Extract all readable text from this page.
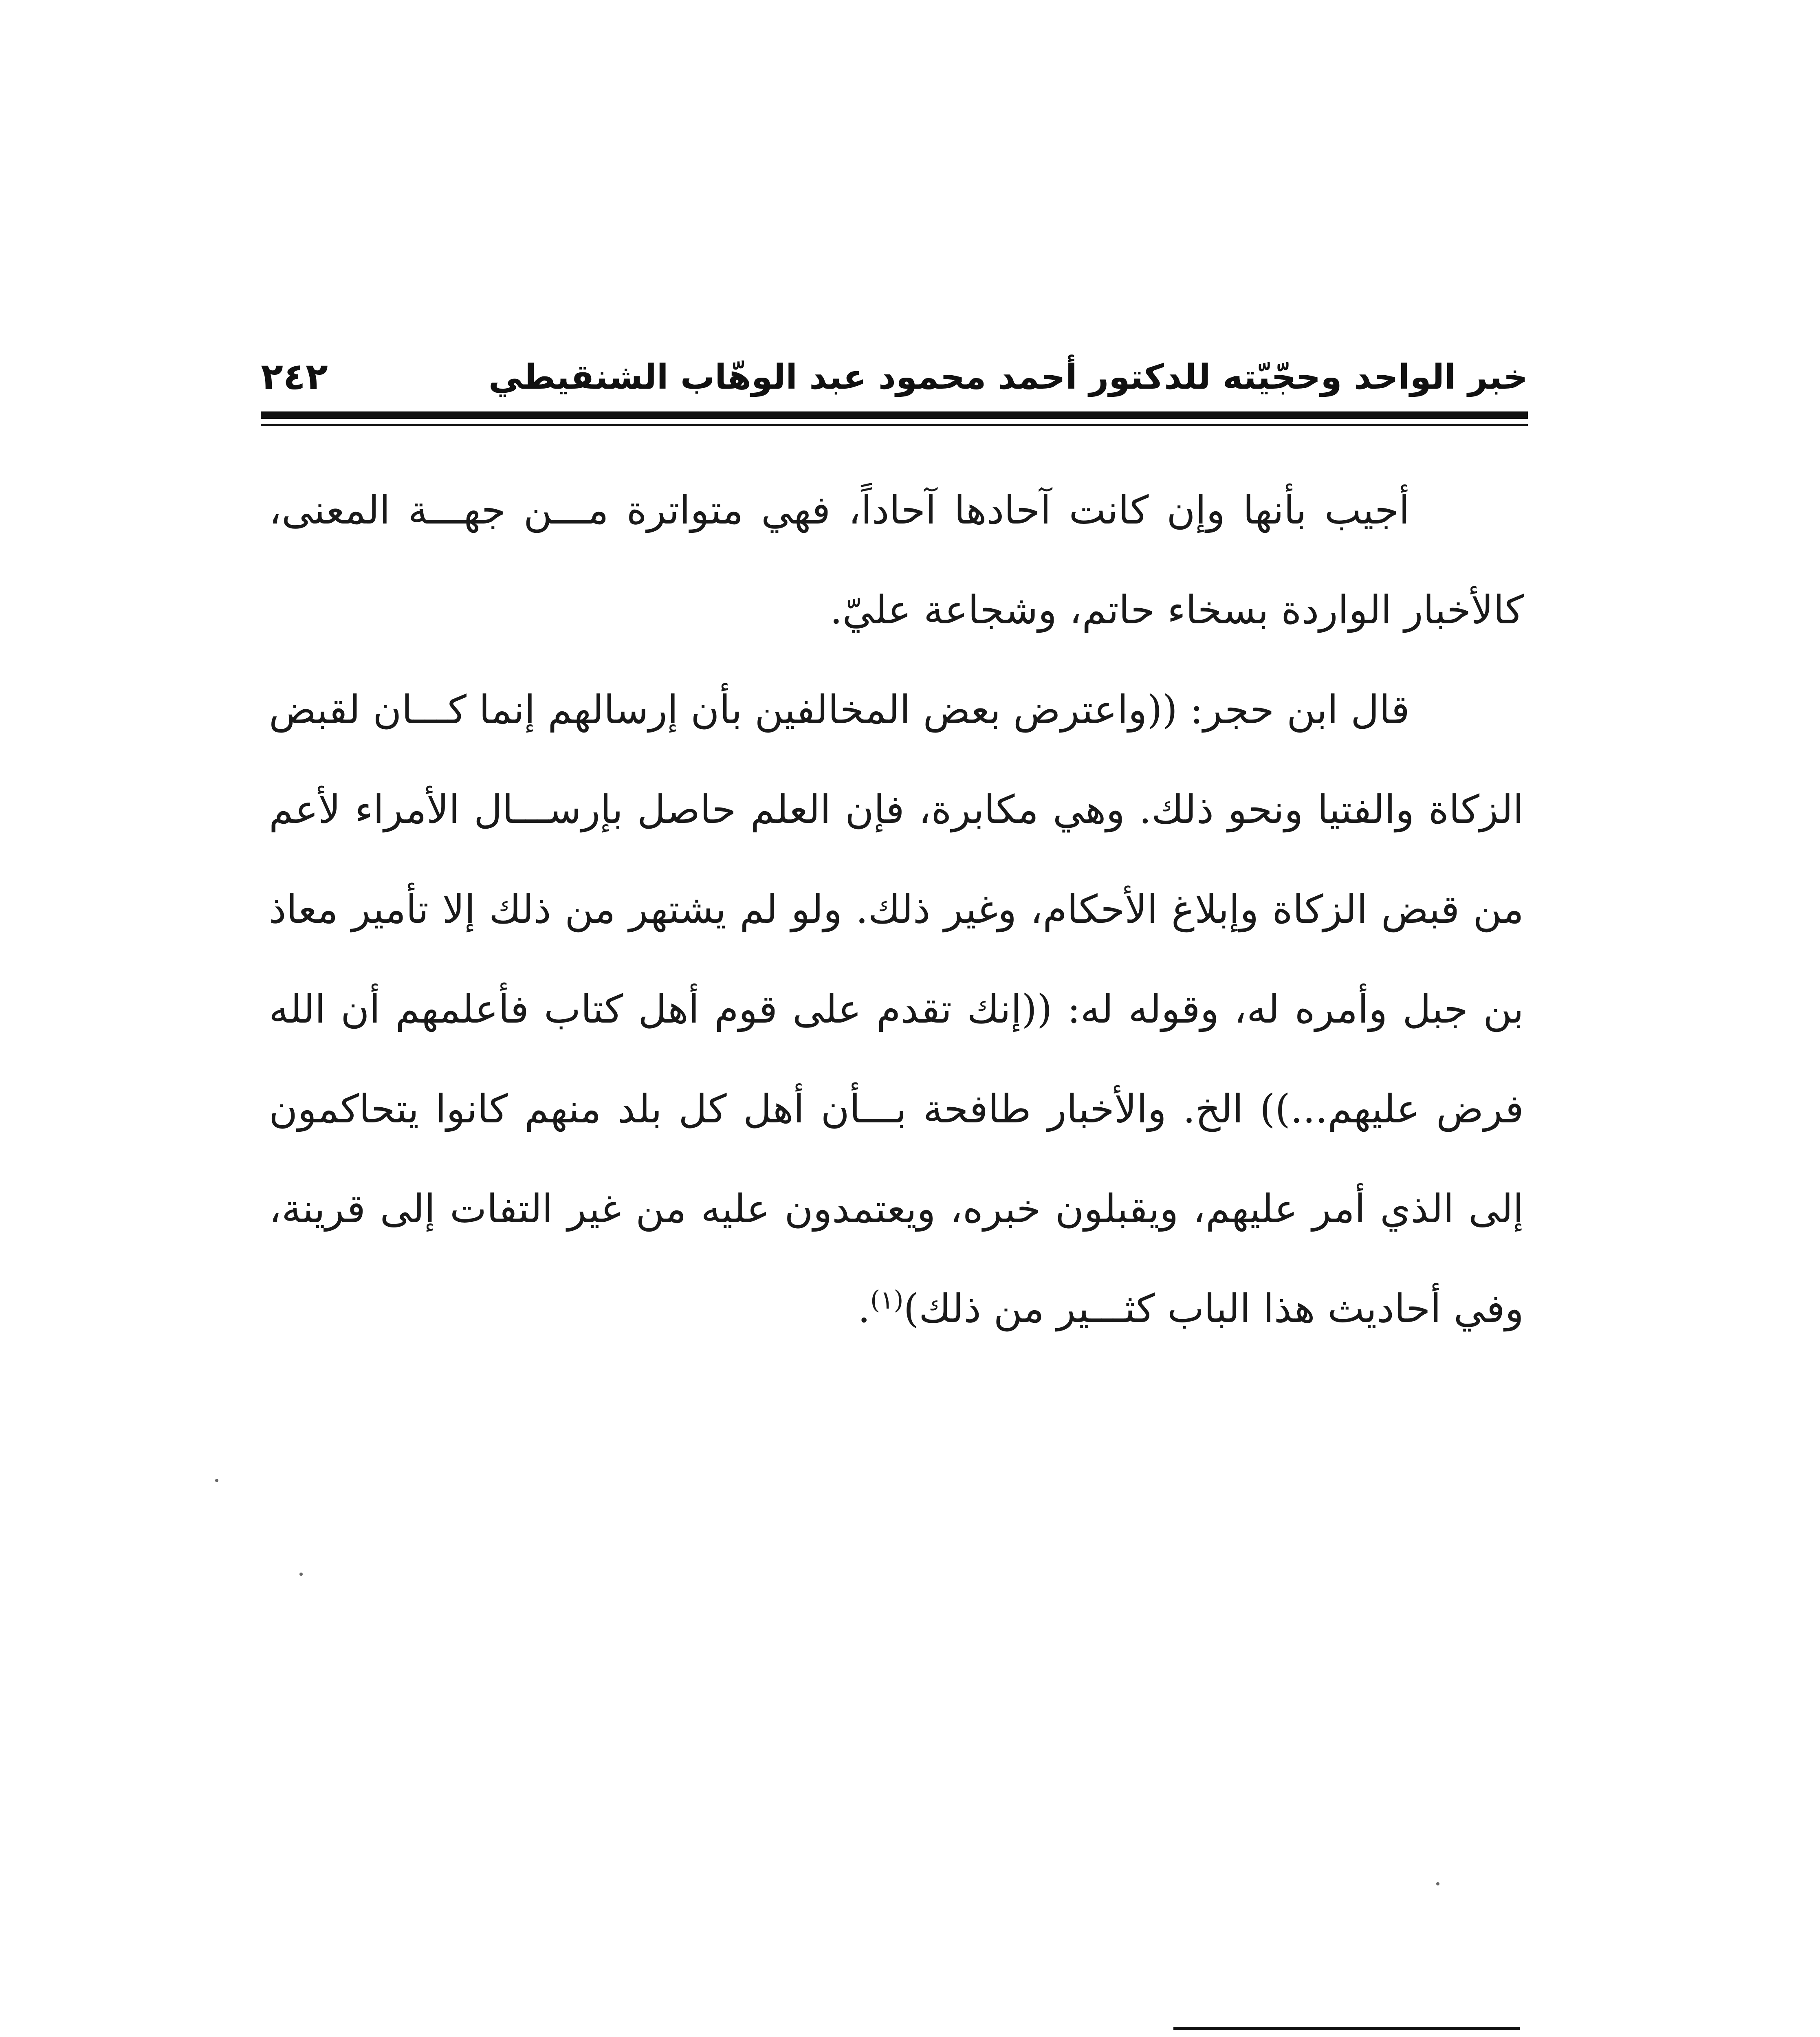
خبر الواحد وحجّيّته للدكتور أحمد محمود عبد الوهّاب الشنقيطي
٢٤٢

أجيب بأنها وإن كانت آحادها آحاداً، فهي متواترة مـــن جهـــة المعنى، كالأخبار الواردة بسخاء حاتم، وشجاعة عليّ.

قال ابن حجر: ((واعترض بعض المخالفين بأن إرسالهم إنما كـــان لقبض الزكاة والفتيا ونحو ذلك. وهي مكابرة، فإن العلم حاصل بإرســـال الأمراء لأعم من قبض الزكاة وإبلاغ الأحكام، وغير ذلك. ولو لم يشتهر من ذلك إلا تأمير معاذ بن جبل وأمره له، وقوله له: ((إنك تقدم على قوم أهل كتاب فأعلمهم أن الله فرض عليهم...)) الخ. والأخبار طافحة بـــأن أهل كل بلد منهم كانوا يتحاكمون إلى الذي أمر عليهم، ويقبلون خبره، ويعتمدون عليه من غير التفات إلى قرينة، وفي أحاديث هذا الباب كثـــير من ذلك)$^{(١)}$.
